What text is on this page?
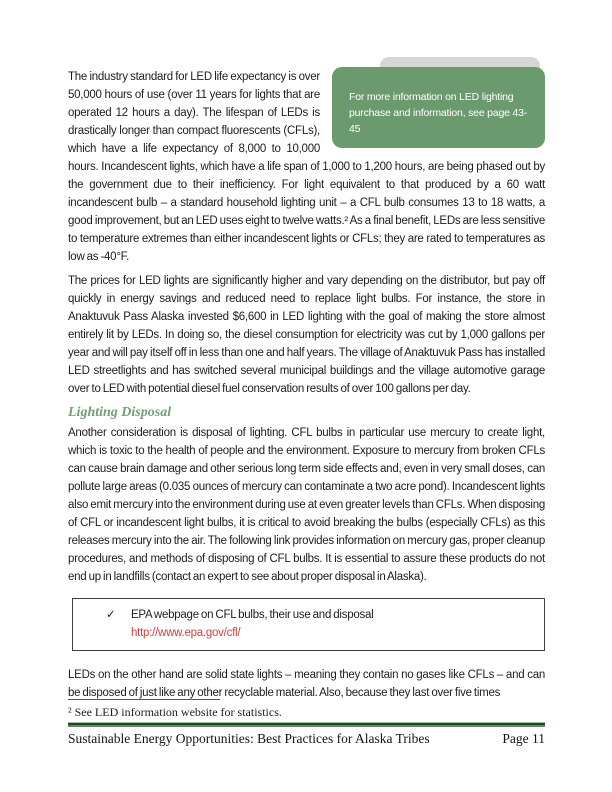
For more information on LED lighting purchase and information, see page 43-45
The industry standard for LED life expectancy is over 50,000 hours of use (over 11 years for lights that are operated 12 hours a day). The lifespan of LEDs is drastically longer than compact fluorescents (CFLs), which have a life expectancy of 8,000 to 10,000 hours. Incandescent lights, which have a life span of 1,000 to 1,200 hours, are being phased out by the government due to their inefficiency. For light equivalent to that produced by a 60 watt incandescent bulb – a standard household lighting unit – a CFL bulb consumes 13 to 18 watts, a good improvement, but an LED uses eight to twelve watts.² As a final benefit, LEDs are less sensitive to temperature extremes than either incandescent lights or CFLs; they are rated to temperatures as low as -40°F.

The prices for LED lights are significantly higher and vary depending on the distributor, but pay off quickly in energy savings and reduced need to replace light bulbs. For instance, the store in Anaktuvuk Pass Alaska invested $6,600 in LED lighting with the goal of making the store almost entirely lit by LEDs. In doing so, the diesel consumption for electricity was cut by 1,000 gallons per year and will pay itself off in less than one and half years. The village of Anaktuvuk Pass has installed LED streetlights and has switched several municipal buildings and the village automotive garage over to LED with potential diesel fuel conservation results of over 100 gallons per day.

Lighting Disposal

Another consideration is disposal of lighting. CFL bulbs in particular use mercury to create light, which is toxic to the health of people and the environment. Exposure to mercury from broken CFLs can cause brain damage and other serious long term side effects and, even in very small doses, can pollute large areas (0.035 ounces of mercury can contaminate a two acre pond). Incandescent lights also emit mercury into the environment during use at even greater levels than CFLs. When disposing of CFL or incandescent light bulbs, it is critical to avoid breaking the bulbs (especially CFLs) as this releases mercury into the air. The following link provides information on mercury gas, proper cleanup procedures, and methods of disposing of CFL bulbs. It is essential to assure these products do not end up in landfills (contact an expert to see about proper disposal in Alaska).

✓	EPA webpage on CFL bulbs, their use and disposal
http://www.epa.gov/cfl/

LEDs on the other hand are solid state lights – meaning they contain no gases like CFLs – and can be disposed of just like any other recyclable material. Also, because they last over five times

² See LED information website for statistics.
Sustainable Energy Opportunities: Best Practices for Alaska Tribes	Page 11
